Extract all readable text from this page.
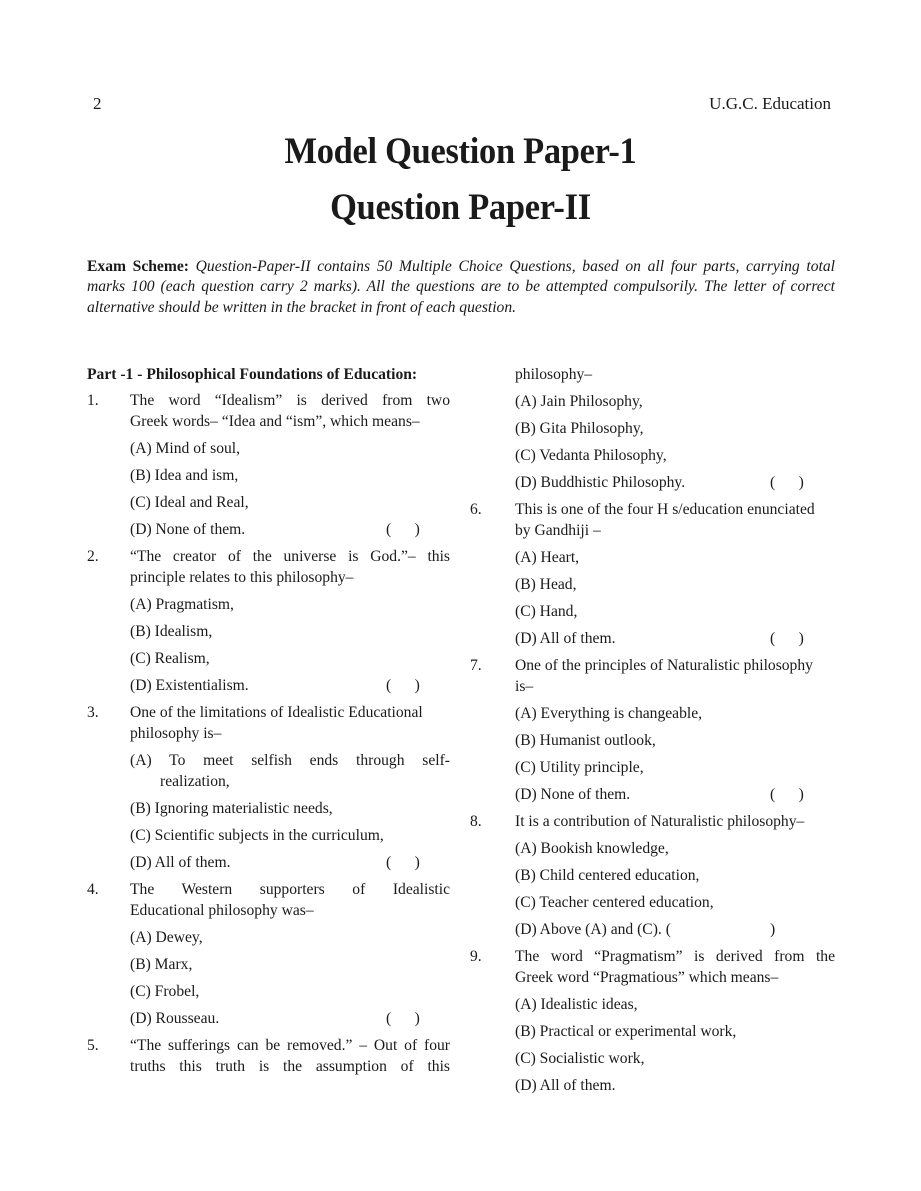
2	U.G.C. Education
Model Question Paper-1
Question Paper-II
Exam Scheme: Question-Paper-II contains 50 Multiple Choice Questions, based on all four parts, carrying total marks 100 (each question carry 2 marks). All the questions are to be attempted compulsorily. The letter of correct alternative should be written in the bracket in front of each question.
Part -1 - Philosophical Foundations of Education:
1. The word “Idealism” is derived from two
Greek words– “Idea and “ism”, which means–
(A) Mind of soul,
(B) Idea and ism,
(C) Ideal and Real,
(D) None of them.	(      )
2. “The creator of the universe is God.”– this
principle relates to this philosophy–
(A) Pragmatism,
(B) Idealism,
(C) Realism,
(D) Existentialism.	(      )
3. One of the limitations of Idealistic Educational
philosophy is–
(A) To meet selfish ends through self-
realization,
(B) Ignoring materialistic needs,
(C) Scientific subjects in the curriculum,
(D) All of them.	(      )
4. The Western supporters of Idealistic
Educational philosophy was–
(A) Dewey,
(B) Marx,
(C) Frobel,
(D) Rousseau.	(      )
5. “The sufferings can be removed.” – Out of four
truths this truth is the assumption of this
philosophy–
(A) Jain Philosophy,
(B) Gita Philosophy,
(C) Vedanta Philosophy,
(D) Buddhistic Philosophy.	(      )
6. This is one of the four H s/education enunciated
by Gandhiji –
(A) Heart,
(B) Head,
(C) Hand,
(D) All of them.	(      )
7. One of the principles of Naturalistic philosophy
is–
(A) Everything is changeable,
(B) Humanist outlook,
(C) Utility principle,
(D) None of them.	(      )
8. It is a contribution of Naturalistic philosophy–
(A) Bookish knowledge,
(B) Child centered education,
(C) Teacher centered education,
(D) Above (A) and (C). (	)
9. The word “Pragmatism” is derived from the
Greek word “Pragmatious” which means–
(A) Idealistic ideas,
(B) Practical or experimental work,
(C) Socialistic work,
(D) All of them.
